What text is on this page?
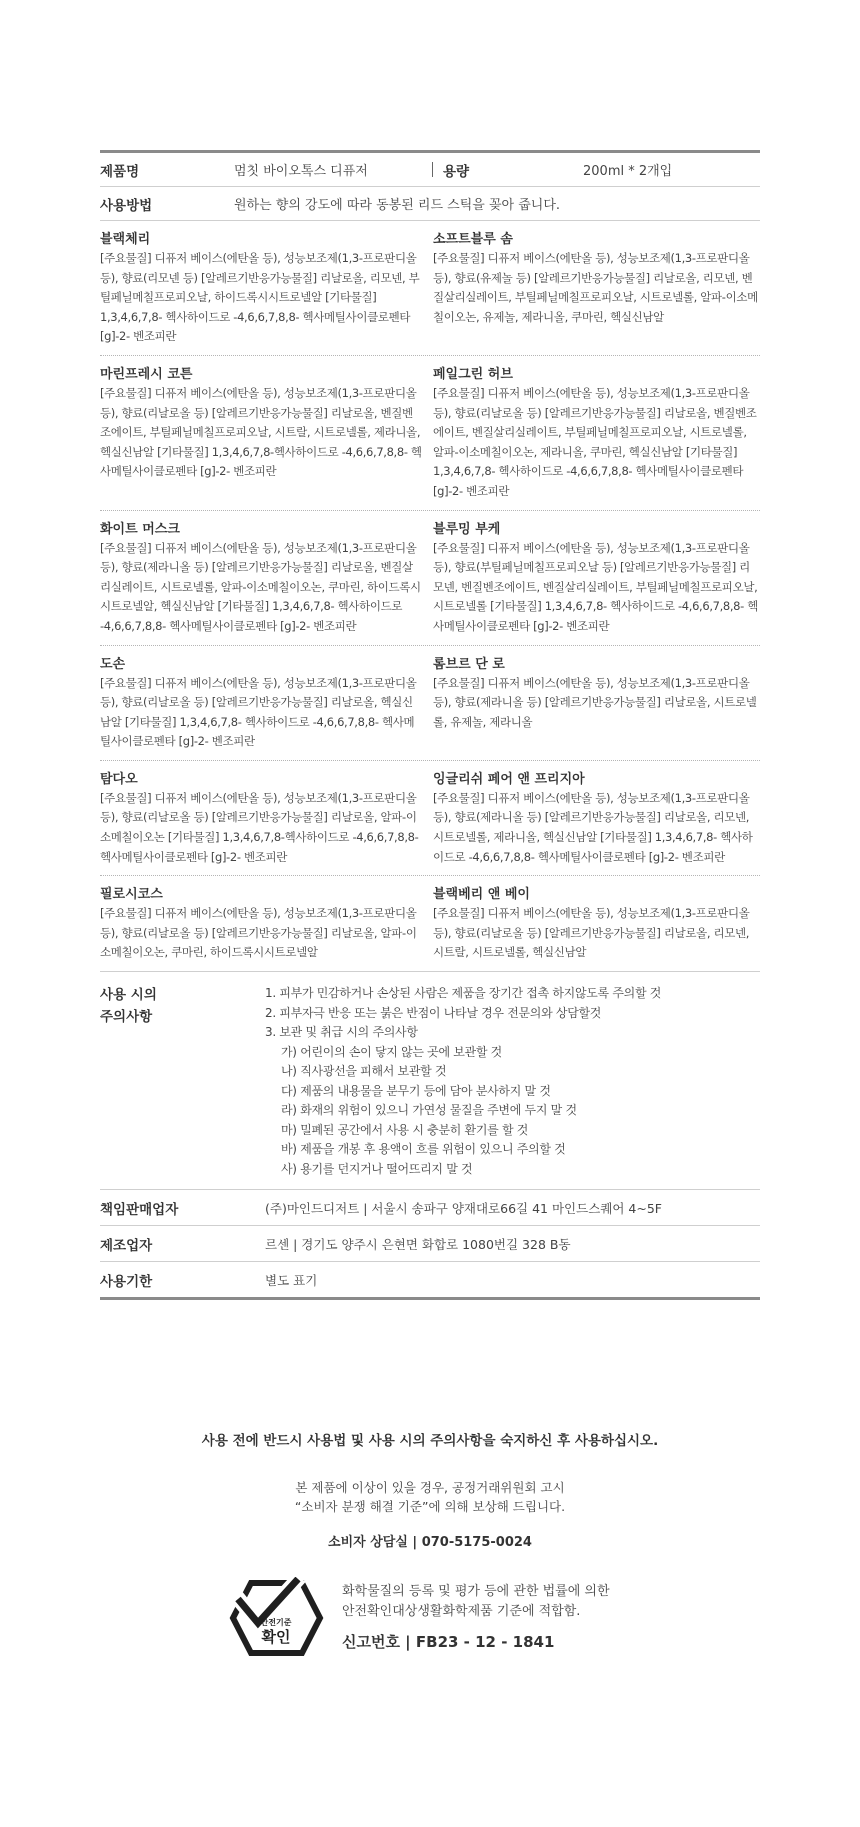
제품명	멈칫 바이오톡스 디퓨저	용량	200ml * 2개입
사용방법	원하는 향의 강도에 따라 동봉된 리드 스틱을 꽂아 줍니다.
블랙체리
[주요물질] 디퓨저 베이스(에탄올 등), 성능보조제(1,3-프로판디올등), 향료(리모넨 등) [알레르기반응가능물질] 리날로올, 리모넨, 부틸페닐메칠프로피오날, 하이드록시시트로넬알 [기타물질] 1,3,4,6,7,8- 헥사하이드로 -4,6,6,7,8,8- 헥사메틸사이클로펜타 [g]-2- 벤조피란
소프트블루 솜
[주요물질] 디퓨저 베이스(에탄올 등), 성능보조제(1,3-프로판디올 등), 향료(유제놀 등) [알레르기반응가능물질] 리날로올, 리모넨, 벤질살리실레이트, 부틸페닐메칠프로피오날, 시트로넬롤, 알파-이소메칠이오논, 유제놀, 제라니올, 쿠마린, 헥실신남알
마린프레시 코튼
[주요물질] 디퓨저 베이스(에탄올 등), 성능보조제(1,3-프로판디올 등), 향료(리날로올 등) [알레르기반응가능물질] 리날로올, 벤질벤조에이트, 부틸페닐메칠프로피오날, 시트랄, 시트로넬롤, 제라니올, 헥실신남알 [기타물질] 1,3,4,6,7,8-헥사하이드로 -4,6,6,7,8,8- 헥사메틸사이클로펜타 [g]-2- 벤조피란
페일그린 허브
[주요물질] 디퓨저 베이스(에탄올 등), 성능보조제(1,3-프로판디올 등), 향료(리날로올 등) [알레르기반응가능물질] 리날로올, 벤질벤조에이트, 벤질살리실레이트, 부틸페닐메칠프로피오날, 시트로넬롤, 알파-이소메칠이오논, 제라니올, 쿠마린, 헥실신남알 [기타물질] 1,3,4,6,7,8- 헥사하이드로 -4,6,6,7,8,8- 헥사메틸사이클로펜타 [g]-2- 벤조피란
화이트 머스크
[주요물질] 디퓨저 베이스(에탄올 등), 성능보조제(1,3-프로판디올 등), 향료(제라니올 등) [알레르기반응가능물질] 리날로올, 벤질살리실레이트, 시트로넬롤, 알파-이소메칠이오논, 쿠마린, 하이드록시시트로넬알, 헥실신남알 [기타물질] 1,3,4,6,7,8- 헥사하이드로 -4,6,6,7,8,8- 헥사메틸사이클로펜타 [g]-2- 벤조피란
블루밍 부케
[주요물질] 디퓨저 베이스(에탄올 등), 성능보조제(1,3-프로판디올 등), 향료(부틸페닐메칠프로피오날 등) [알레르기반응가능물질] 리모넨, 벤질벤조에이트, 벤질살리실레이트, 부틸페닐메칠프로피오날, 시트로넬롤 [기타물질] 1,3,4,6,7,8- 헥사하이드로 -4,6,6,7,8,8- 헥사메틸사이클로펜타 [g]-2- 벤조피란
도손
[주요물질] 디퓨저 베이스(에탄올 등), 성능보조제(1,3-프로판디올 등), 향료(리날로올 등) [알레르기반응가능물질] 리날로올, 헥실신남알 [기타물질] 1,3,4,6,7,8- 헥사하이드로 -4,6,6,7,8,8- 헥사메틸사이클로펜타 [g]-2- 벤조피란
롬브르 단 로
[주요물질] 디퓨저 베이스(에탄올 등), 성능보조제(1,3-프로판디올 등), 향료(제라니올 등) [알레르기반응가능물질] 리날로올, 시트로넬롤, 유제놀, 제라니올
탐다오
[주요물질] 디퓨저 베이스(에탄올 등), 성능보조제(1,3-프로판디올 등), 향료(리날로올 등) [알레르기반응가능물질] 리날로올, 알파-이소메칠이오논 [기타물질] 1,3,4,6,7,8-헥사하이드로 -4,6,6,7,8,8- 헥사메틸사이클로펜타 [g]-2- 벤조피란
잉글리쉬 페어 앤 프리지아
[주요물질] 디퓨저 베이스(에탄올 등), 성능보조제(1,3-프로판디올 등), 향료(제라니올 등) [알레르기반응가능물질] 리날로올, 리모넨, 시트로넬롤, 제라니올, 헥실신남알 [기타물질] 1,3,4,6,7,8- 헥사하이드로 -4,6,6,7,8,8- 헥사메틸사이클로펜타 [g]-2- 벤조피란
필로시코스
[주요물질] 디퓨저 베이스(에탄올 등), 성능보조제(1,3-프로판디올 등), 향료(리날로올 등) [알레르기반응가능물질] 리날로올, 알파-이소메칠이오논, 쿠마린, 하이드록시시트로넬알
블랙베리 앤 베이
[주요물질] 디퓨저 베이스(에탄올 등), 성능보조제(1,3-프로판디올 등), 향료(리날로올 등) [알레르기반응가능물질] 리날로올, 리모넨, 시트랄, 시트로넬롤, 헥실신남알
사용 시의
주의사항
1. 피부가 민감하거나 손상된 사람은 제품을 장기간 접촉 하지않도록 주의할 것
2. 피부자극 반응 또는 붉은 반점이 나타날 경우 전문의와 상담할것
3. 보관 및 취급 시의 주의사항
가) 어린이의 손이 닿지 않는 곳에 보관할 것
나) 직사광선을 피해서 보관할 것
다) 제품의 내용물을 분무기 등에 담아 분사하지 말 것
라) 화재의 위험이 있으니 가연성 물질을 주변에 두지 말 것
마) 밀폐된 공간에서 사용 시 충분히 환기를 할 것
바) 제품을 개봉 후 용액이 흐를 위험이 있으니 주의할 것
사) 용기를 던지거나 떨어뜨리지 말 것
책임판매업자	(주)마인드디저트 | 서울시 송파구 양재대로66길 41 마인드스퀘어 4~5F
제조업자	르센 | 경기도 양주시 은현면 화합로 1080번길 328 B동
사용기한	별도 표기
사용 전에 반드시 사용법 및 사용 시의 주의사항을 숙지하신 후 사용하십시오.
본 제품에 이상이 있을 경우, 공정거래위원회 고시
“소비자 분쟁 해결 기준”에 의해 보상해 드립니다.
소비자 상담실 | 070-5175-0024
안전기준
확인
화학물질의 등록 및 평가 등에 관한 법률에 의한
안전확인대상생활화학제품 기준에 적합함.
신고번호 | FB23 - 12 - 1841
